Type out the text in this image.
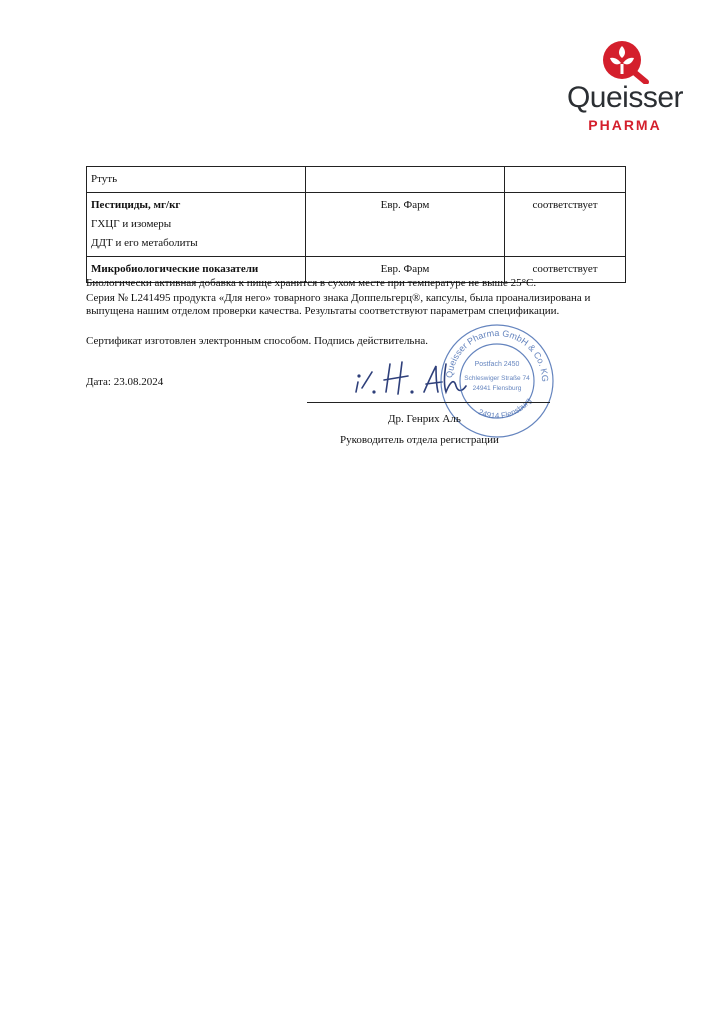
Queisser
PHARMA
Ртуть		

Пестициды, мг/кг
ГХЦГ и изомеры
ДДТ и его метаболиты	Евр. Фарм	соответствует
Микробиологические показатели	Евр. Фарм	соответствует
Биологически активная добавка к пище хранится в сухом месте при температуре не выше 25°C.
Серия № L241495 продукта «Для него» товарного знака Доппельгерц®, капсулы, была проанализирована и
выпущена нашим отделом проверки качества. Результаты соответствуют параметрам спецификации.
Сертификат изготовлен электронным способом. Подпись действительна.
Дата: 23.08.2024
Queisser Pharma GmbH & Co. KG
Postfach 2450
Schleswiger Straße 74
24941 Flensburg
24914 Flensburg
Др. Генрих Аль
Руководитель отдела регистрации
